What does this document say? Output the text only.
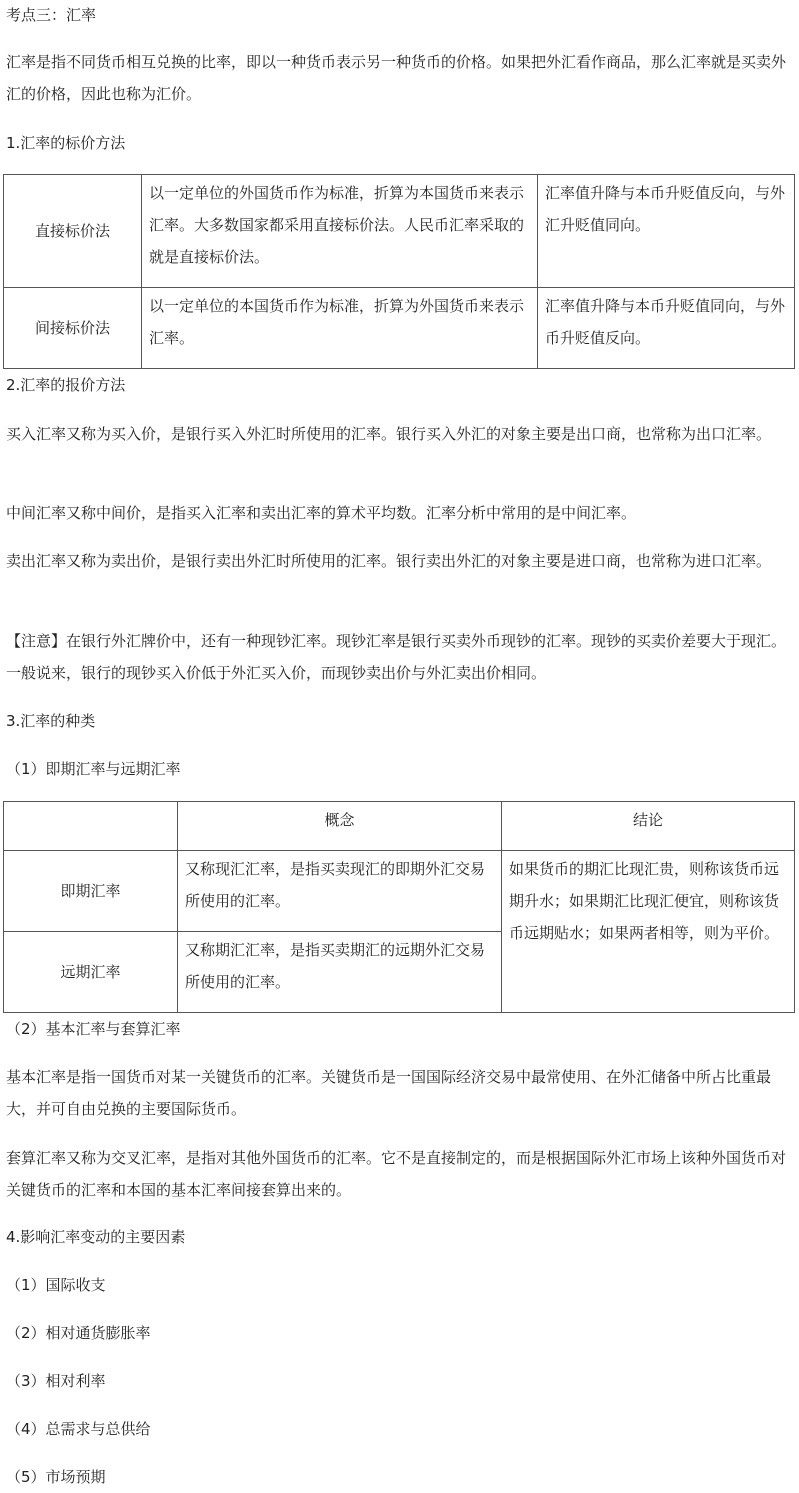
考点三：汇率

汇率是指不同货币相互兑换的比率，即以一种货币表示另一种货币的价格。如果把外汇看作商品，那么汇率就是买卖外汇的价格，因此也称为汇价。

1.汇率的标价方法

直接标价法	以一定单位的外国货币作为标准，折算为本国货币来表示汇率。大多数国家都采用直接标价法。人民币汇率采取的就是直接标价法。	汇率值升降与本币升贬值反向，与外汇升贬值同向。
间接标价法	以一定单位的本国货币作为标准，折算为外国货币来表示汇率。	汇率值升降与本币升贬值同向，与外币升贬值反向。

2.汇率的报价方法

买入汇率又称为买入价，是银行买入外汇时所使用的汇率。银行买入外汇的对象主要是出口商，也常称为出口汇率。

中间汇率又称中间价，是指买入汇率和卖出汇率的算术平均数。汇率分析中常用的是中间汇率。

卖出汇率又称为卖出价，是银行卖出外汇时所使用的汇率。银行卖出外汇的对象主要是进口商，也常称为进口汇率。

【注意】在银行外汇牌价中，还有一种现钞汇率。现钞汇率是银行买卖外币现钞的汇率。现钞的买卖价差要大于现汇。一般说来，银行的现钞买入价低于外汇买入价，而现钞卖出价与外汇卖出价相同。

3.汇率的种类

（1）即期汇率与远期汇率

	概念	结论
即期汇率	又称现汇汇率，是指买卖现汇的即期外汇交易所使用的汇率。	如果货币的期汇比现汇贵，则称该货币远期升水；如果期汇比现汇便宜，则称该货币远期贴水；如果两者相等，则为平价。
远期汇率	又称期汇汇率，是指买卖期汇的远期外汇交易所使用的汇率。	

（2）基本汇率与套算汇率

基本汇率是指一国货币对某一关键货币的汇率。关键货币是一国国际经济交易中最常使用、在外汇储备中所占比重最大，并可自由兑换的主要国际货币。

套算汇率又称为交叉汇率，是指对其他外国货币的汇率。它不是直接制定的，而是根据国际外汇市场上该种外国货币对关键货币的汇率和本国的基本汇率间接套算出来的。

4.影响汇率变动的主要因素

（1）国际收支

（2）相对通货膨胀率

（3）相对利率

（4）总需求与总供给

（5）市场预期
